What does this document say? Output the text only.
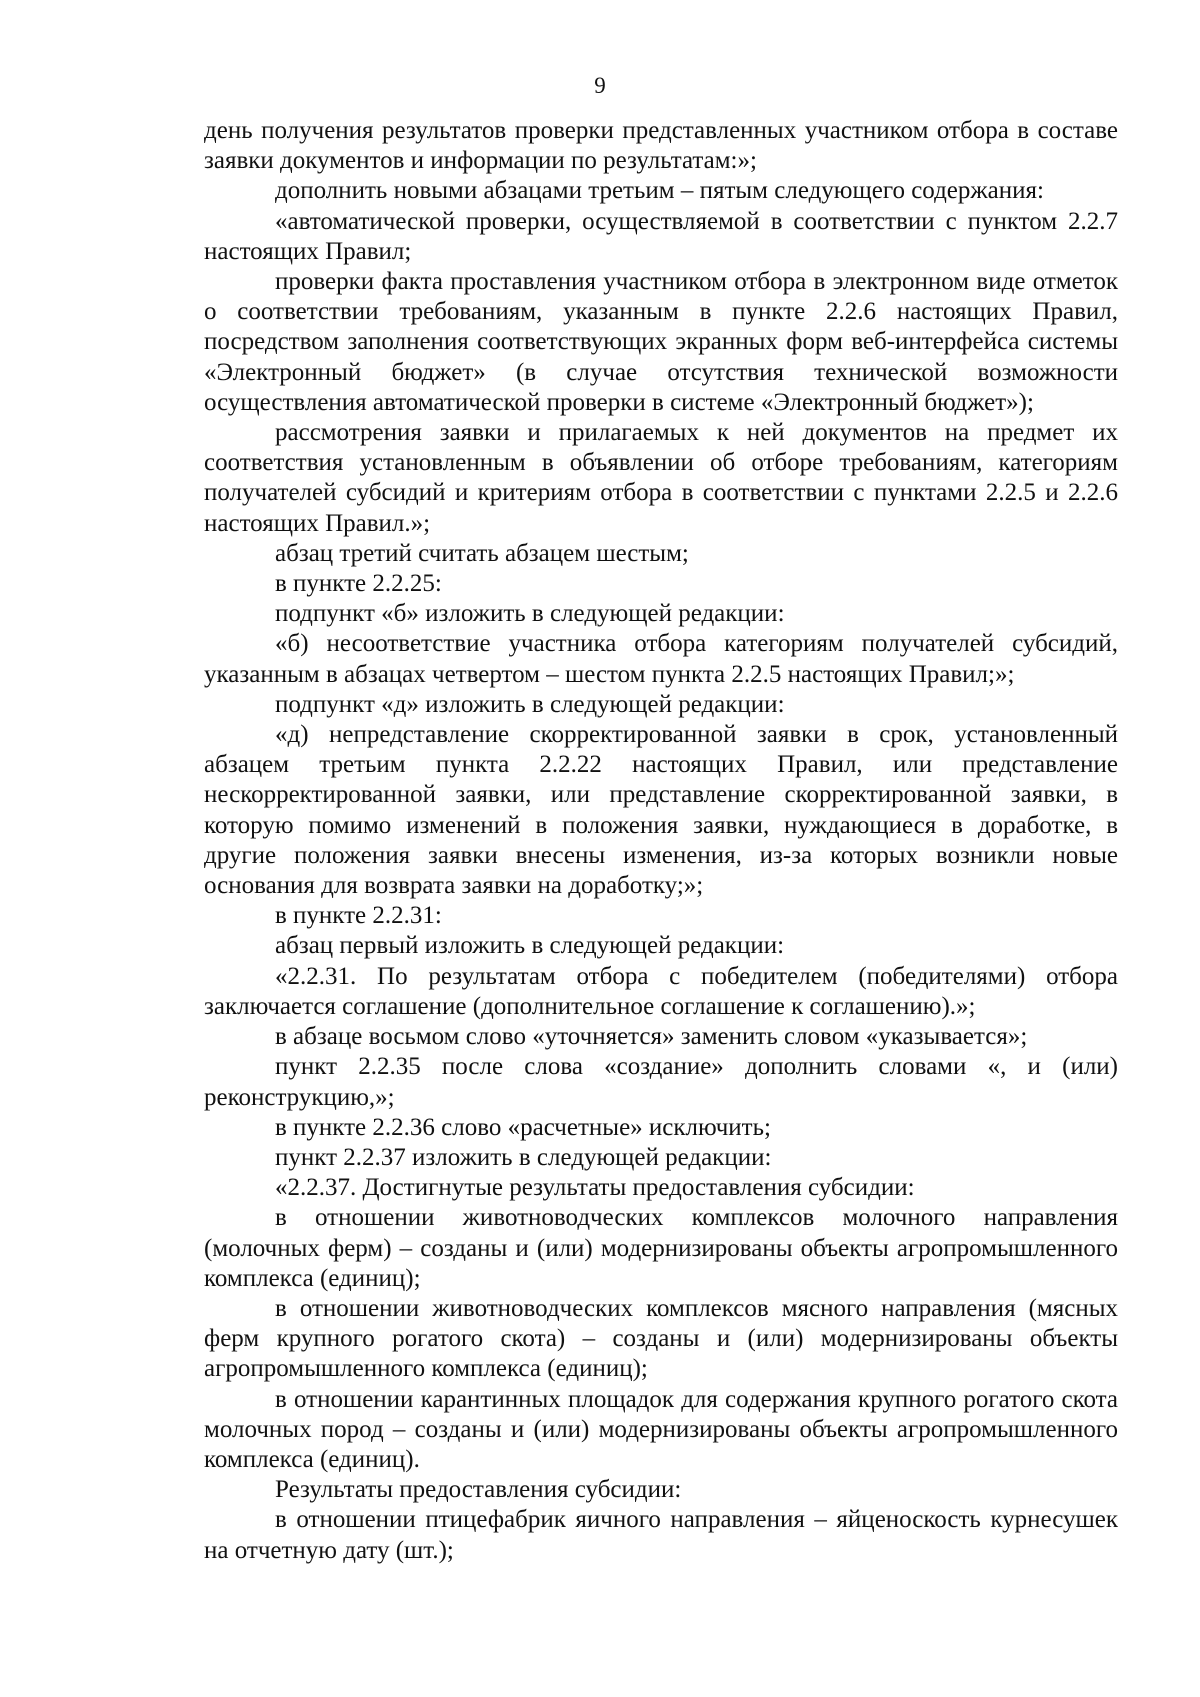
9

день получения результатов проверки представленных участником отбора в составе заявки документов и информации по результатам:»;

дополнить новыми абзацами третьим – пятым следующего содержания:

«автоматической проверки, осуществляемой в соответствии с пунктом 2.2.7 настоящих Правил;

проверки факта проставления участником отбора в электронном виде отметок о соответствии требованиям, указанным в пункте 2.2.6 настоящих Правил, посредством заполнения соответствующих экранных форм веб-интерфейса системы «Электронный бюджет» (в случае отсутствия технической возможности осуществления автоматической проверки в системе «Электронный бюджет»);

рассмотрения заявки и прилагаемых к ней документов на предмет их соответствия установленным в объявлении об отборе требованиям, категориям получателей субсидий и критериям отбора в соответствии с пунктами 2.2.5 и 2.2.6 настоящих Правил.»;

абзац третий считать абзацем шестым;

в пункте 2.2.25:

подпункт «б» изложить в следующей редакции:

«б) несоответствие участника отбора категориям получателей субсидий, указанным в абзацах четвертом – шестом пункта 2.2.5 настоящих Правил;»;

подпункт «д» изложить в следующей редакции:

«д) непредставление скорректированной заявки в срок, установленный абзацем третьим пункта 2.2.22 настоящих Правил, или представление нескорректированной заявки, или представление скорректированной заявки, в которую помимо изменений в положения заявки, нуждающиеся в доработке, в другие положения заявки внесены изменения, из-за которых возникли новые основания для возврата заявки на доработку;»;

в пункте 2.2.31:

абзац первый изложить в следующей редакции:

«2.2.31. По результатам отбора с победителем (победителями) отбора заключается соглашение (дополнительное соглашение к соглашению).»;

в абзаце восьмом слово «уточняется» заменить словом «указывается»;

пункт 2.2.35 после слова «создание» дополнить словами «, и (или) реконструкцию,»;

в пункте 2.2.36 слово «расчетные» исключить;

пункт 2.2.37 изложить в следующей редакции:

«2.2.37. Достигнутые результаты предоставления субсидии:

в отношении животноводческих комплексов молочного направления (молочных ферм) – созданы и (или) модернизированы объекты агропромышленного комплекса (единиц);

в отношении животноводческих комплексов мясного направления (мясных ферм крупного рогатого скота) – созданы и (или) модернизированы объекты агропромышленного комплекса (единиц);

в отношении карантинных площадок для содержания крупного рогатого скота молочных пород – созданы и (или) модернизированы объекты агропромышленного комплекса (единиц).

Результаты предоставления субсидии:

в отношении птицефабрик яичного направления – яйценоскость курнесушек на отчетную дату (шт.);
